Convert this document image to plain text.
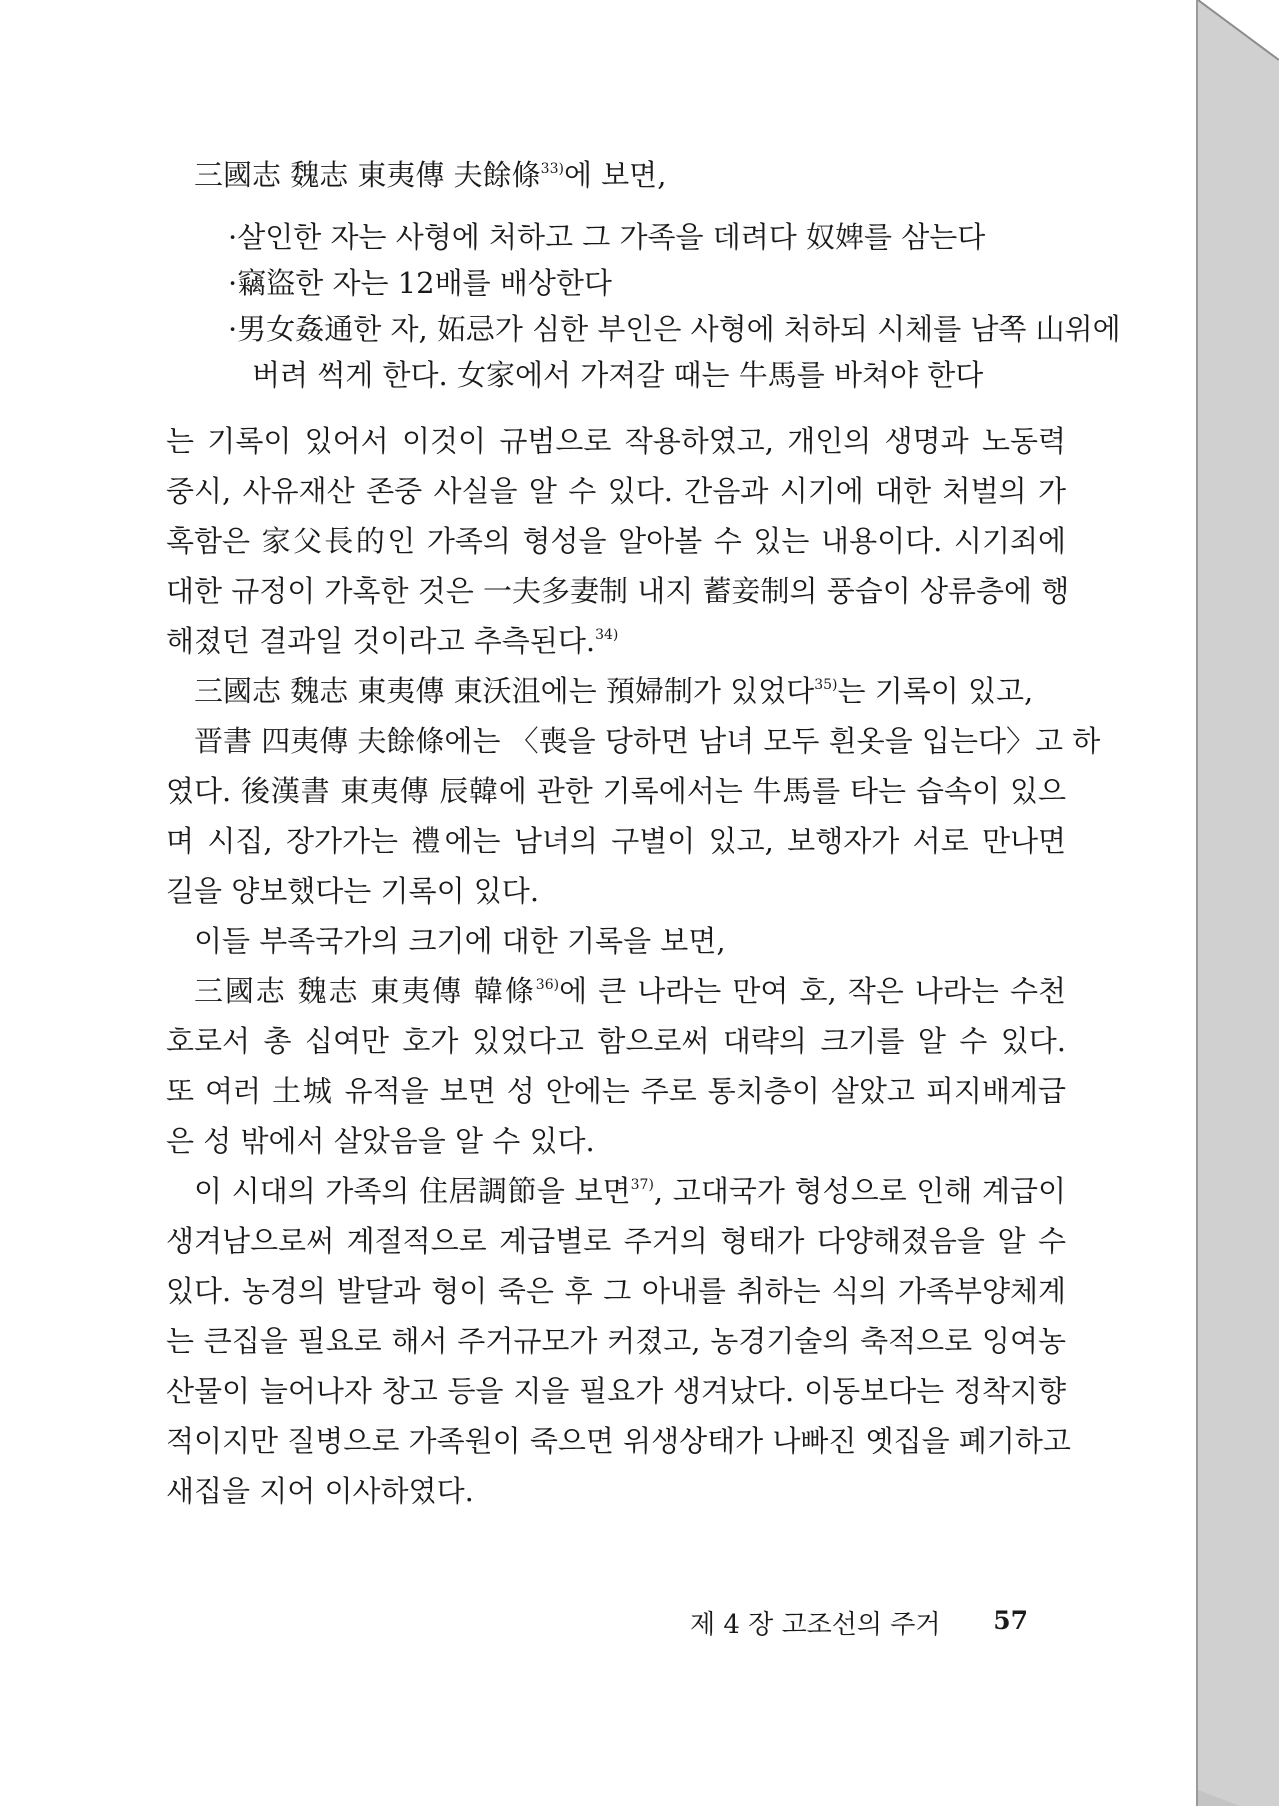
三國志 魏志 東夷傳 夫餘條$^{33)}$에 보면,
·살인한 자는 사형에 처하고 그 가족을 데려다 奴婢를 삼는다
·竊盜한 자는 12배를 배상한다
·男女姦通한 자, 妬忌가 심한 부인은 사형에 처하되 시체를 남쪽 山위에
버려 썩게 한다. 女家에서 가져갈 때는 牛馬를 바쳐야 한다
는 기록이 있어서 이것이 규범으로 작용하였고, 개인의 생명과 노동력
중시, 사유재산 존중 사실을 알 수 있다. 간음과 시기에 대한 처벌의 가
혹함은 家父長的인 가족의 형성을 알아볼 수 있는 내용이다. 시기죄에
대한 규정이 가혹한 것은 一夫多妻制 내지 蓄妾制의 풍습이 상류층에 행
해졌던 결과일 것이라고 추측된다.$^{34)}$
三國志 魏志 東夷傳 東沃沮에는 預婦制가 있었다$^{35)}$는 기록이 있고,
晋書 四夷傳 夫餘條에는 〈喪을 당하면 남녀 모두 흰옷을 입는다〉고 하
였다. 後漢書 東夷傳 辰韓에 관한 기록에서는 牛馬를 타는 습속이 있으
며 시집, 장가가는 禮에는 남녀의 구별이 있고, 보행자가 서로 만나면
길을 양보했다는 기록이 있다.
이들 부족국가의 크기에 대한 기록을 보면,
三國志 魏志 東夷傳 韓條$^{36)}$에 큰 나라는 만여 호, 작은 나라는 수천
호로서 총 십여만 호가 있었다고 함으로써 대략의 크기를 알 수 있다.
또 여러 土城 유적을 보면 성 안에는 주로 통치층이 살았고 피지배계급
은 성 밖에서 살았음을 알 수 있다.
이 시대의 가족의 住居調節을 보면$^{37)}$, 고대국가 형성으로 인해 계급이
생겨남으로써 계절적으로 계급별로 주거의 형태가 다양해졌음을 알 수
있다. 농경의 발달과 형이 죽은 후 그 아내를 취하는 식의 가족부양체계
는 큰집을 필요로 해서 주거규모가 커졌고, 농경기술의 축적으로 잉여농
산물이 늘어나자 창고 등을 지을 필요가 생겨났다. 이동보다는 정착지향
적이지만 질병으로 가족원이 죽으면 위생상태가 나빠진 옛집을 폐기하고
새집을 지어 이사하였다.
제 4 장 고조선의 주거 57
